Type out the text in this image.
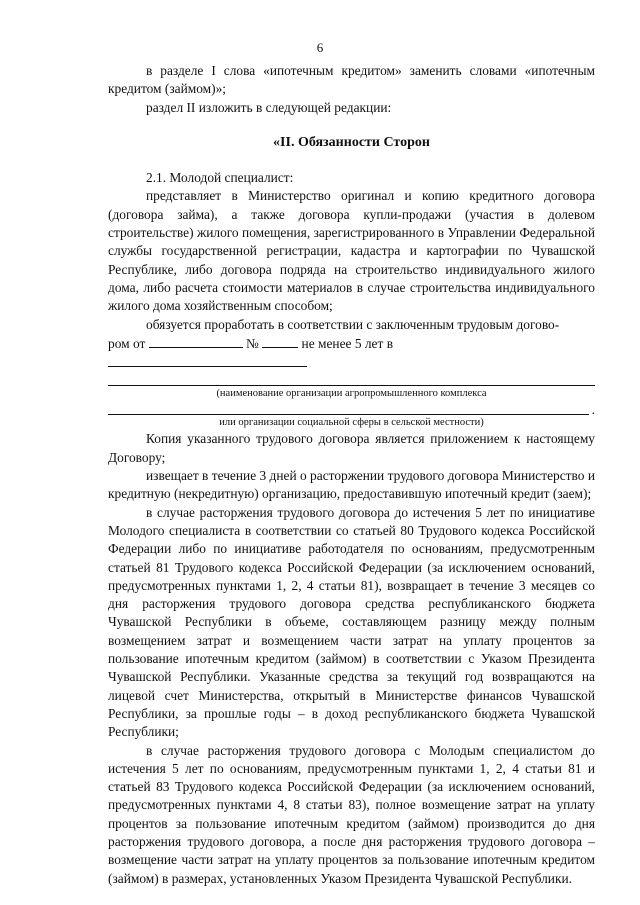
6

в разделе I слова «ипотечным кредитом» заменить словами «ипотечным кредитом (займом)»;

раздел II изложить в следующей редакции:

«II. Обязанности Сторон

2.1. Молодой специалист:

представляет в Министерство оригинал и копию кредитного договора (договора займа), а также договора купли-продажи (участия в долевом строительстве) жилого помещения, зарегистрированного в Управлении Федеральной службы государственной регистрации, кадастра и картографии по Чувашской Республике, либо договора подряда на строительство индивидуального жилого дома, либо расчета стоимости материалов в случае строительства индивидуального жилого дома хозяйственным способом;

обязуется проработать в соответствии с заключенным трудовым догово-

ром от	№	не менее 5 лет в
(наименование организации агропромышленного комплекса
.
или организации социальной сферы в сельской местности)

Копия указанного трудового договора является приложением к настоящему Договору;

извещает в течение 3 дней о расторжении трудового договора Министерство и кредитную (некредитную) организацию, предоставившую ипотечный кредит (заем);

в случае расторжения трудового договора до истечения 5 лет по инициативе Молодого специалиста в соответствии со статьей 80 Трудового кодекса Российской Федерации либо по инициативе работодателя по основаниям, предусмотренным статьей 81 Трудового кодекса Российской Федерации (за исключением оснований, предусмотренных пунктами 1, 2, 4 статьи 81), возвращает в течение 3 месяцев со дня расторжения трудового договора средства республиканского бюджета Чувашской Республики в объеме, составляющем разницу между полным возмещением затрат и возмещением части затрат на уплату процентов за пользование ипотечным кредитом (займом) в соответствии с Указом Президента Чувашской Республики. Указанные средства за текущий год возвращаются на лицевой счет Министерства, открытый в Министерстве финансов Чувашской Республики, за прошлые годы – в доход республиканского бюджета Чувашской Республики;

в случае расторжения трудового договора с Молодым специалистом до истечения 5 лет по основаниям, предусмотренным пунктами 1, 2, 4 статьи 81 и статьей 83 Трудового кодекса Российской Федерации (за исключением оснований, предусмотренных пунктами 4, 8 статьи 83), полное возмещение затрат на уплату процентов за пользование ипотечным кредитом (займом) производится до дня расторжения трудового договора, а после дня расторжения трудового договора – возмещение части затрат на уплату процентов за пользование ипотечным кредитом (займом) в размерах, установленных Указом Президента Чувашской Республики.
